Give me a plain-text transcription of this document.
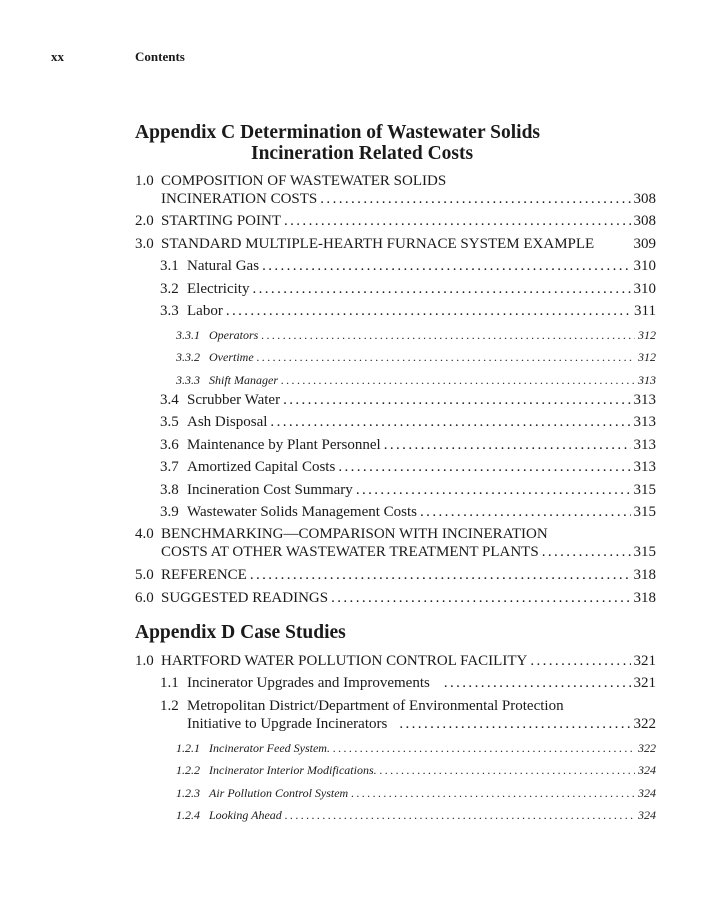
xx	Contents
Appendix C Determination of Wastewater Solids
Incineration Related Costs
1.0 COMPOSITION OF WASTEWATER SOLIDS
INCINERATION COSTS .....	308
2.0 STARTING POINT .....	308
3.0 STANDARD MULTIPLE-HEARTH FURNACE SYSTEM EXAMPLE	309
3.1 Natural Gas .....	310
3.2 Electricity .....	310
3.3 Labor .....	311
3.3.1 Operators .....	312
3.3.2 Overtime .....	312
3.3.3 Shift Manager .....	313
3.4 Scrubber Water .....	313
3.5 Ash Disposal .....	313
3.6 Maintenance by Plant Personnel .....	313
3.7 Amortized Capital Costs .....	313
3.8 Incineration Cost Summary .....	315
3.9 Wastewater Solids Management Costs .....	315
4.0 BENCHMARKING—COMPARISON WITH INCINERATION
COSTS AT OTHER WASTEWATER TREATMENT PLANTS .....	315
5.0 REFERENCE .....	318
6.0 SUGGESTED READINGS .....	318
Appendix D Case Studies
1.0 HARTFORD WATER POLLUTION CONTROL FACILITY .....	321
1.1 Incinerator Upgrades and Improvements .....	321
1.2 Metropolitan District/Department of Environmental Protection
Initiative to Upgrade Incinerators .....	322
1.2.1 Incinerator Feed System. .....	322
1.2.2 Incinerator Interior Modifications. .....	324
1.2.3 Air Pollution Control System .....	324
1.2.4 Looking Ahead .....	324
